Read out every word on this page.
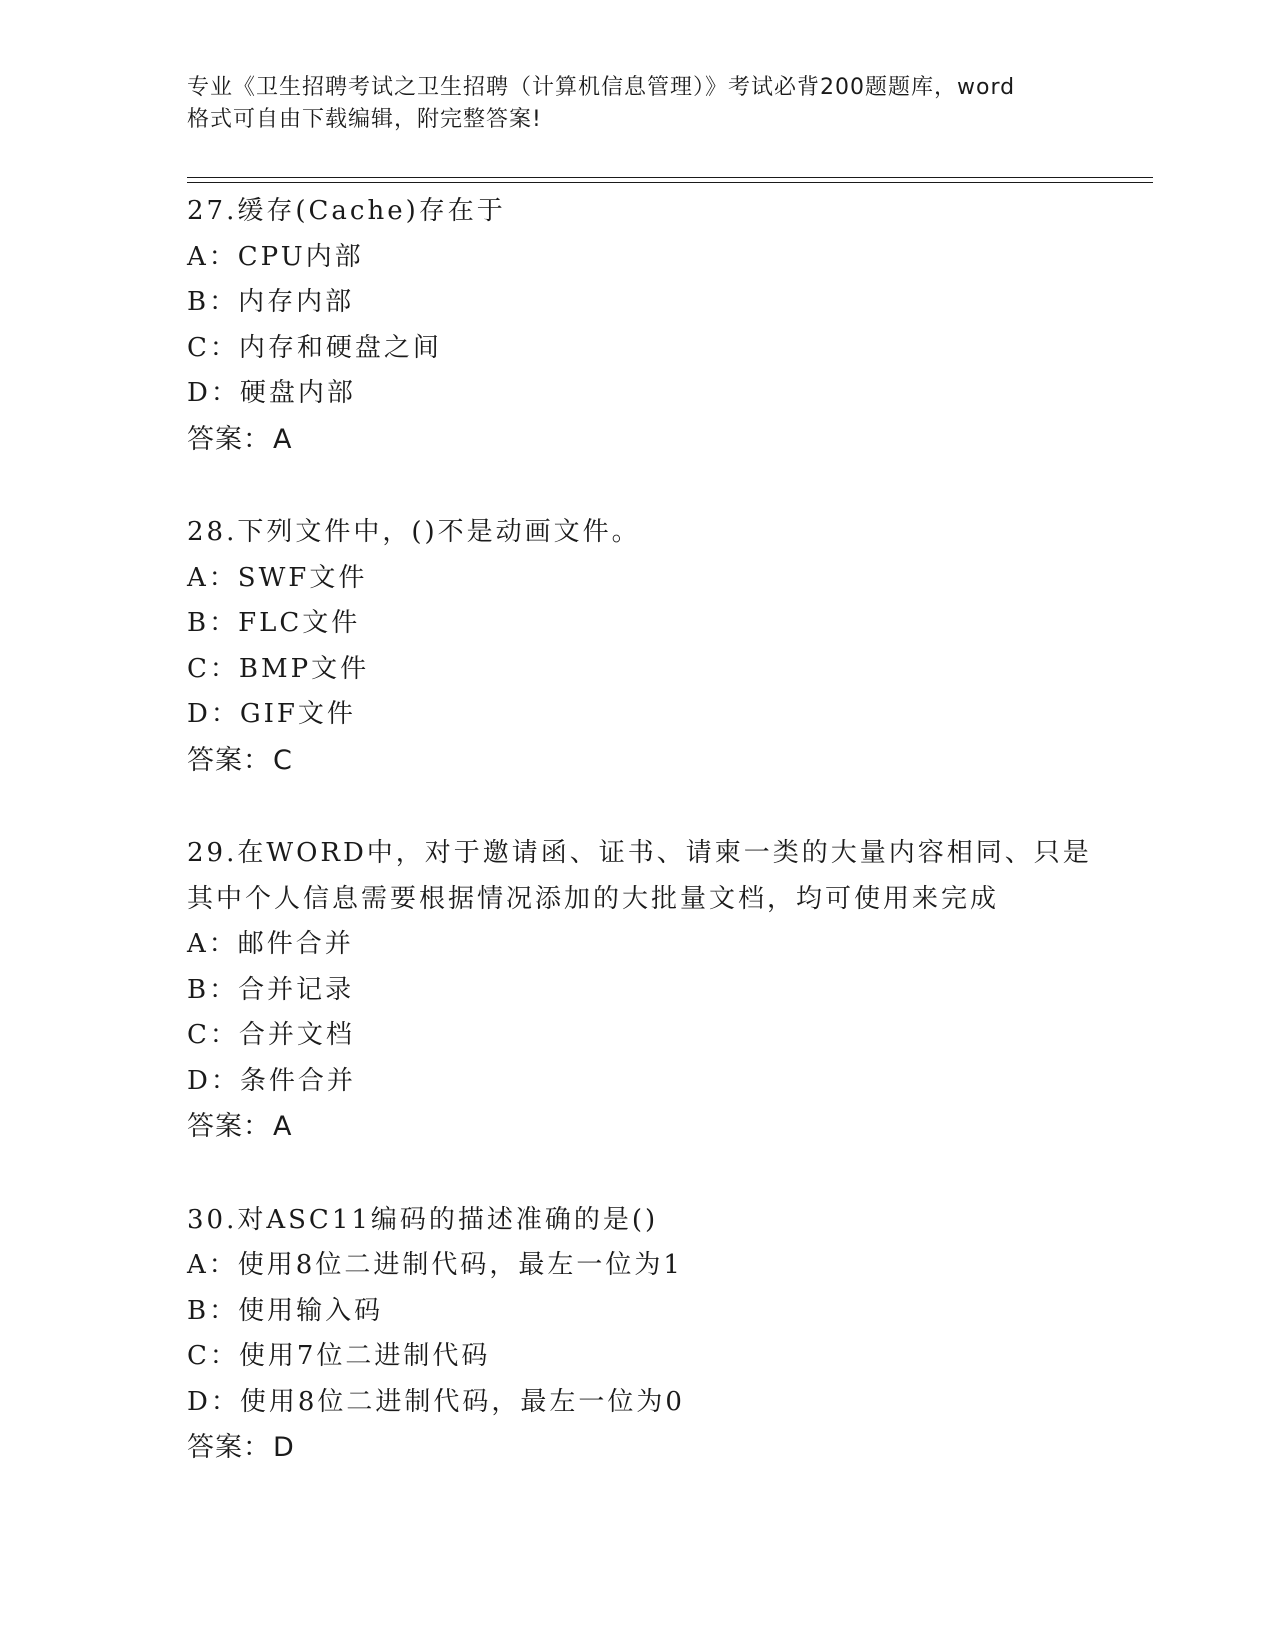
专业《卫生招聘考试之卫生招聘（计算机信息管理）》考试必背200题题库，word
格式可自由下载编辑，附完整答案!
27.缓存(Cache)存在于
A：CPU内部
B：内存内部
C：内存和硬盘之间
D：硬盘内部
答案：A
28.下列文件中，()不是动画文件。
A：SWF文件
B：FLC文件
C：BMP文件
D：GIF文件
答案：C
29.在WORD中，对于邀请函、证书、请柬一类的大量内容相同、只是
其中个人信息需要根据情况添加的大批量文档，均可使用来完成
A：邮件合并
B：合并记录
C：合并文档
D：条件合并
答案：A
30.对ASC11编码的描述准确的是()
A：使用8位二进制代码，最左一位为1
B：使用输入码
C：使用7位二进制代码
D：使用8位二进制代码，最左一位为0
答案：D
